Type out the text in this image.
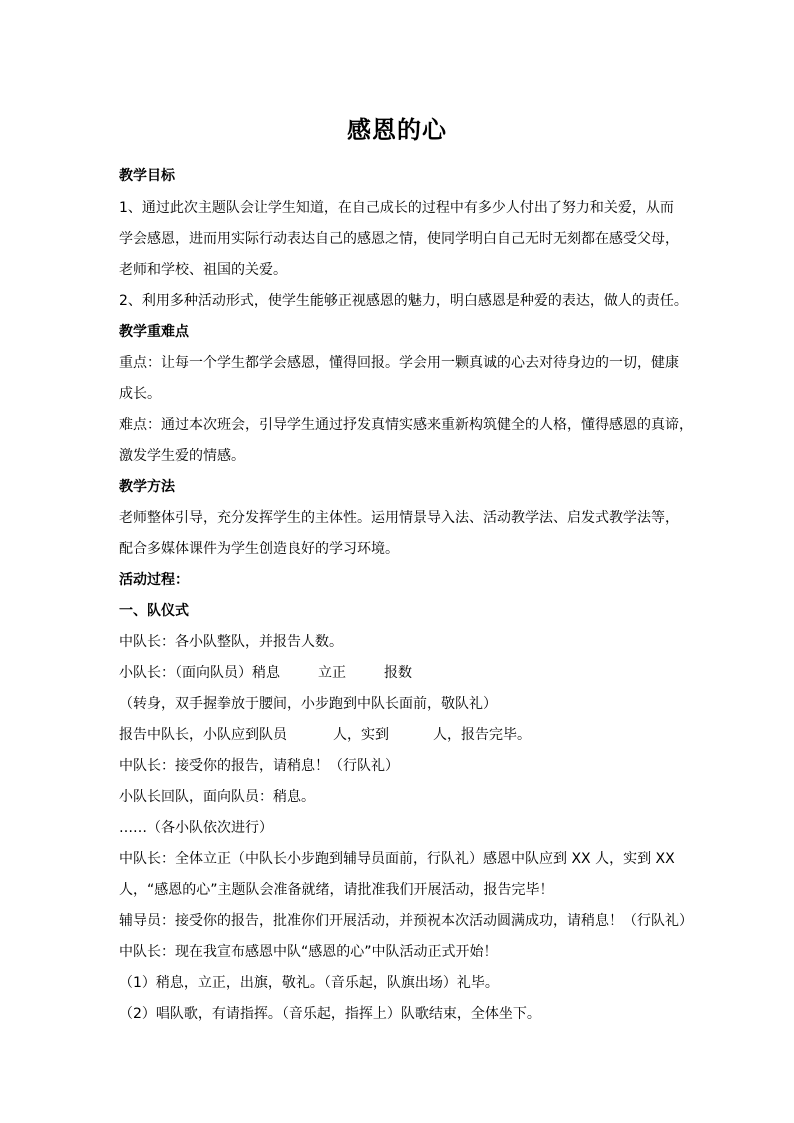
感恩的心
教学目标
1、通过此次主题队会让学生知道，在自己成长的过程中有多少人付出了努力和关爱，从而
学会感恩，进而用实际行动表达自己的感恩之情，使同学明白自己无时无刻都在感受父母，
老师和学校、祖国的关爱。
2、利用多种活动形式，使学生能够正视感恩的魅力，明白感恩是种爱的表达，做人的责任。
教学重难点
重点：让每一个学生都学会感恩，懂得回报。学会用一颗真诚的心去对待身边的一切，健康
成长。
难点：通过本次班会，引导学生通过抒发真情实感来重新构筑健全的人格，懂得感恩的真谛，
激发学生爱的情感。
教学方法
老师整体引导，充分发挥学生的主体性。运用情景导入法、活动教学法、启发式教学法等，
配合多媒体课件为学生创造良好的学习环境。
活动过程：
一、队仪式
中队长：各小队整队，并报告人数。
小队长：（面向队员）稍息	立正	报数
（转身，双手握拳放于腰间，小步跑到中队长面前，敬队礼）
报告中队长，小队应到队员	人，实到	人，报告完毕。
中队长：接受你的报告，请稍息！（行队礼）
小队长回队，面向队员：稍息。
……（各小队依次进行）
中队长：全体立正（中队长小步跑到辅导员面前，行队礼）感恩中队应到 XX 人，实到 XX
人，“感恩的心”主题队会准备就绪，请批准我们开展活动，报告完毕！
辅导员：接受你的报告，批准你们开展活动，并预祝本次活动圆满成功，请稍息！（行队礼）
中队长：现在我宣布感恩中队“感恩的心”中队活动正式开始！
（1）稍息，立正，出旗，敬礼。（音乐起，队旗出场）礼毕。
（2）唱队歌，有请指挥。（音乐起，指挥上）队歌结束，全体坐下。
